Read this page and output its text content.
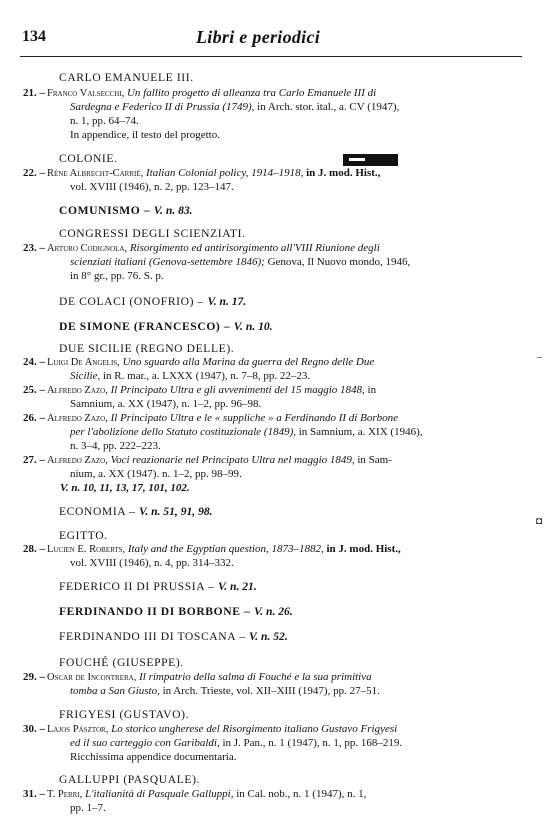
134	Libri e periodici
CARLO EMANUELE III.
21. – Franco Valsecchi, Un fallito progetto di alleanza tra Carlo Emanuele III di
Sardegna e Federico II di Prussia (1749), in Arch. stor. ital., a. CV (1947),
n. 1, pp. 64–74.
In appendice, il testo del progetto.
COLONIE.
22. – Réne Albrecht-Carrié, Italian Colonial policy, 1914–1918, in J. mod. Hist.,
vol. XVIII (1946), n. 2, pp. 123–147.
COMUNISMO – V. n. 83.
CONGRESSI DEGLI SCIENZIATI.
23. – Arturo Codignola, Risorgimento ed antirisorgimento all'VIII Riunione degli
scienziati italiani (Genova-settembre 1846); Genova, Il Nuovo mondo, 1946,
in 8° gr., pp. 76. S. p.
DE COLACI (ONOFRIO) – V. n. 17.
DE SIMONE (FRANCESCO) – V. n. 10.
DUE SICILIE (REGNO DELLE).
24. – Luigi De Angelis, Uno sguardo alla Marina da guerra del Regno delle Due
Sicilie, in R. mar., a. LXXX (1947), n. 7–8, pp. 22–23.
25. – Alfredo Zazo, Il Principato Ultra e gli avvenimenti del 15 maggio 1848, in
Samnium, a. XX (1947), n. 1–2, pp. 96–98.
26. – Alfredo Zazo, Il Principato Ultra e le « suppliche » a Ferdinando II di Borbone
per l'abolizione dello Statuto costituzionale (1849), in Samnium, a. XIX (1946),
n. 3–4, pp. 222–223.
27. – Alfredo Zazo, Voci reazionarie nel Principato Ultra nel maggio 1849, in Sam-
nium, a. XX (1947). n. 1–2, pp. 98–99.
V. n. 10, 11, 13, 17, 101, 102.
ECONOMIA – V. n. 51, 91, 98.
EGITTO.
28. – Lucien E. Roberts, Italy and the Egyptian question, 1873–1882, in J. mod. Hist.,
vol. XVIII (1946), n. 4, pp. 314–332.
FEDERICO II DI PRUSSIA – V. n. 21.
FERDINANDO II DI BORBONE – V. n. 26.
FERDINANDO III DI TOSCANA – V. n. 52.
FOUCHÉ (GIUSEPPE).
29. – Oscar de Incontrera, Il rimpatrio della salma di Fouché e la sua primitiva
tomba a San Giusto, in Arch. Trieste, vol. XII–XIII (1947), pp. 27–51.
FRIGYESI (GUSTAVO).
30. – Lajos Pásztor, Lo storico ungherese del Risorgimento italiano Gustavo Frigyesi
ed il suo carteggio con Garibaldi, in J. Pan., n. 1 (1947), n. 1, pp. 168–219.
Ricchissima appendice documentaria.
GALLUPPI (PASQUALE).
31. – T. Perri, L'italianità di Pasquale Galluppi, in Cal. nob., n. 1 (1947), n. 1,
pp. 1–7.
–
◘
